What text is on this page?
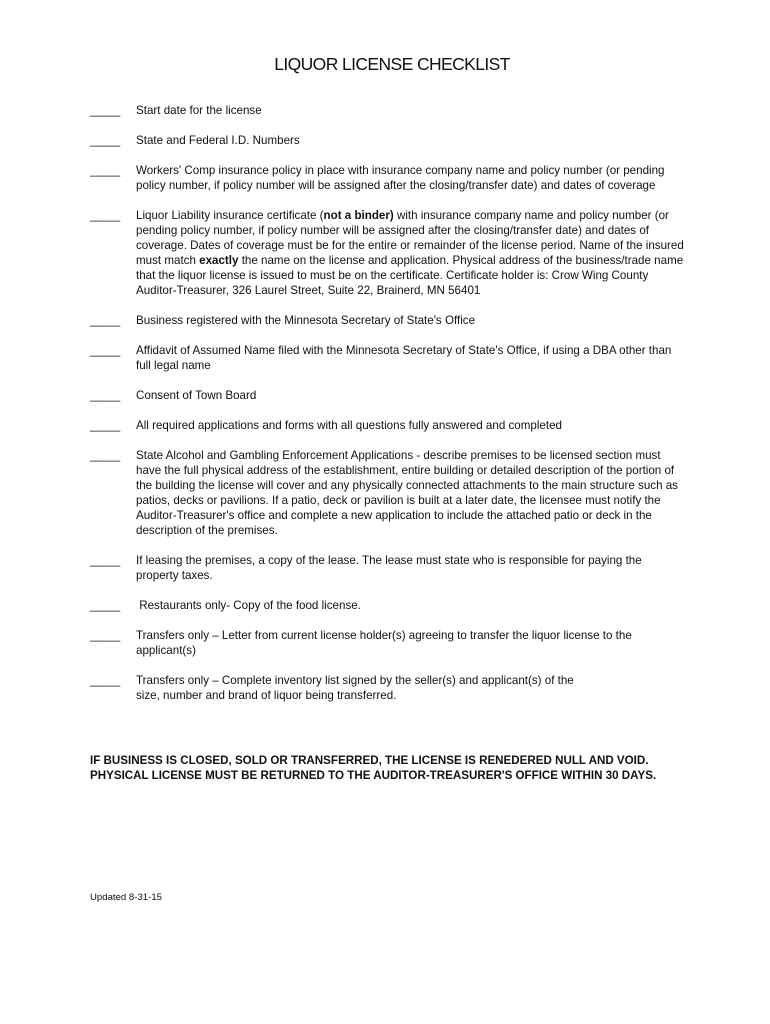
LIQUOR LICENSE CHECKLIST
_____	Start date for the license
_____	State and Federal I.D. Numbers
_____	Workers' Comp insurance policy in place with insurance company name and policy number (or pending policy number, if policy number will be assigned after the closing/transfer date) and dates of coverage
_____	Liquor Liability insurance certificate (not a binder) with insurance company name and policy number (or pending policy number, if policy number will be assigned after the closing/transfer date) and dates of coverage. Dates of coverage must be for the entire or remainder of the license period. Name of the insured must match exactly the name on the license and application. Physical address of the business/trade name that the liquor license is issued to must be on the certificate. Certificate holder is: Crow Wing County Auditor-Treasurer, 326 Laurel Street, Suite 22, Brainerd, MN 56401
_____	Business registered with the Minnesota Secretary of State's Office
_____	Affidavit of Assumed Name filed with the Minnesota Secretary of State's Office, if using a DBA other than full legal name
_____	Consent of Town Board
_____	All required applications and forms with all questions fully answered and completed
_____	State Alcohol and Gambling Enforcement Applications - describe premises to be licensed section must have the full physical address of the establishment, entire building or detailed description of the portion of the building the license will cover and any physically connected attachments to the main structure such as patios, decks or pavilions. If a patio, deck or pavilion is built at a later date, the licensee must notify the Auditor-Treasurer's office and complete a new application to include the attached patio or deck in the description of the premises.
_____	If leasing the premises, a copy of the lease. The lease must state who is responsible for paying the property taxes.
_____	Restaurants only- Copy of the food license.
_____	Transfers only – Letter from current license holder(s) agreeing to transfer the liquor license to the applicant(s)
_____	Transfers only – Complete inventory list signed by the seller(s) and applicant(s) of the size, number and brand of liquor being transferred.

IF BUSINESS IS CLOSED, SOLD OR TRANSFERRED, THE LICENSE IS RENEDERED NULL AND VOID. PHYSICAL LICENSE MUST BE RETURNED TO THE AUDITOR-TREASURER'S OFFICE WITHIN 30 DAYS.

Updated 8-31-15
